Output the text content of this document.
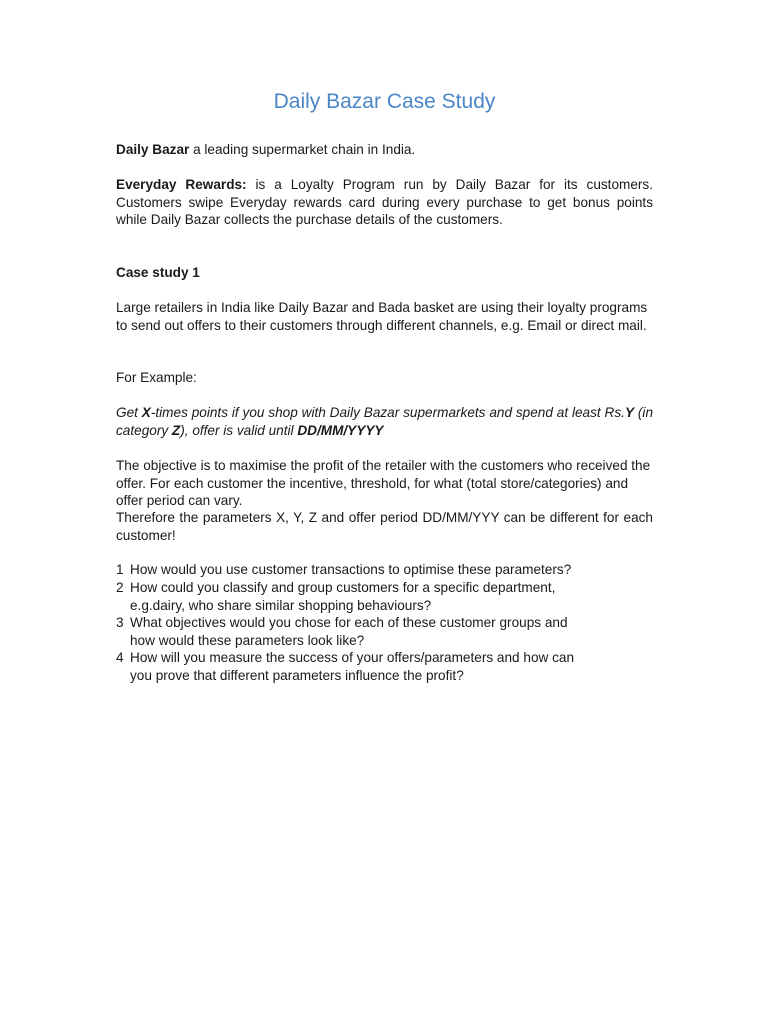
Daily Bazar Case Study

Daily Bazar a leading supermarket chain in India.

Everyday Rewards: is a Loyalty Program run by Daily Bazar for its customers. Customers swipe Everyday rewards card during every purchase to get bonus points while Daily Bazar collects the purchase details of the customers.

Case study 1

Large retailers in India like Daily Bazar and Bada basket are using their loyalty programs to send out offers to their customers through different channels, e.g. Email or direct mail.

For Example:

Get X-times points if you shop with Daily Bazar supermarkets and spend at least Rs.Y (in category Z), offer is valid until DD/MM/YYYY

The objective is to maximise the profit of the retailer with the customers who received the offer. For each customer the incentive, threshold, for what (total store/categories) and offer period can vary.

Therefore the parameters X, Y, Z and offer period DD/MM/YYY can be different for each customer!

1 How would you use customer transactions to optimise these parameters?

2 How could you classify and group customers for a specific department,
e.g.dairy, who share similar shopping behaviours?

3 What objectives would you chose for each of these customer groups and
how would these parameters look like?

4 How will you measure the success of your offers/parameters and how can
you prove that different parameters influence the profit?
